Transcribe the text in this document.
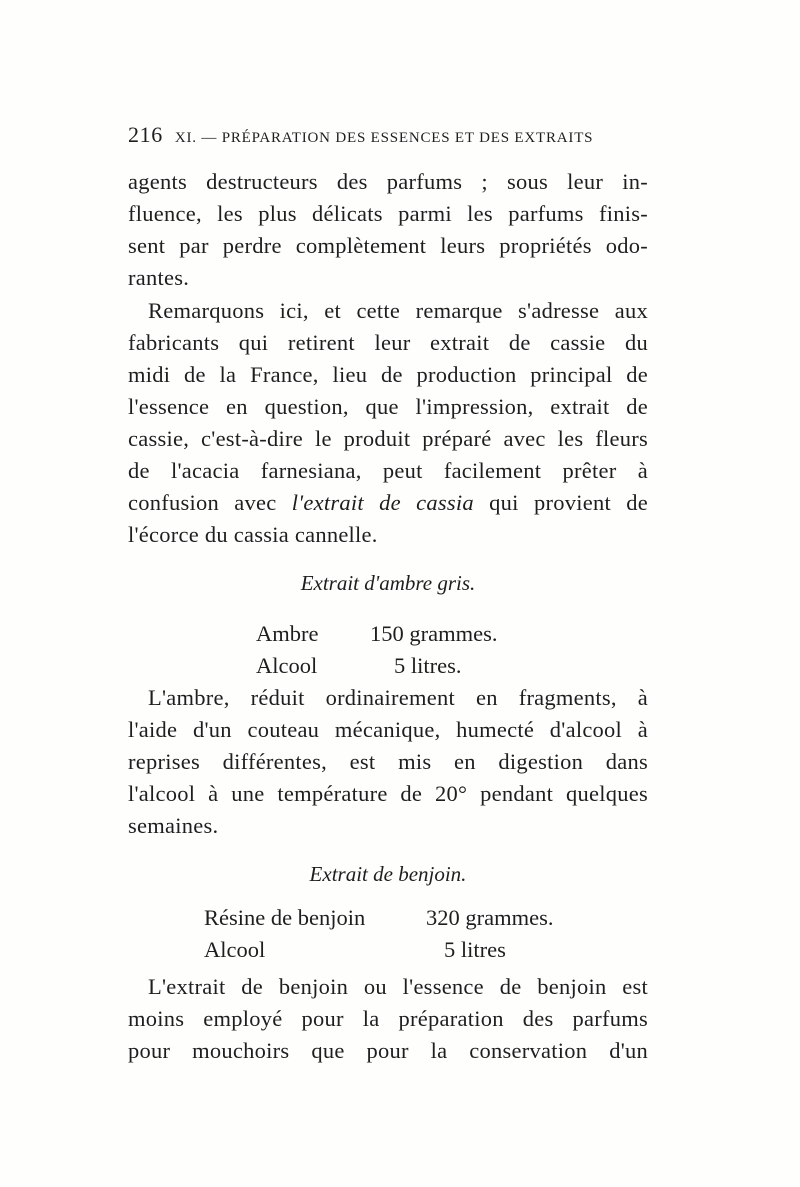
216 XI. — PRÉPARATION DES ESSENCES ET DES EXTRAITS
agents destructeurs des parfums ; sous leur in-
fluence, les plus délicats parmi les parfums finis-
sent par perdre complètement leurs propriétés odo-
rantes.
Remarquons ici, et cette remarque s'adresse aux
fabricants qui retirent leur extrait de cassie du
midi de la France, lieu de production principal de
l'essence en question, que l'impression, extrait de
cassie, c'est-à-dire le produit préparé avec les fleurs
de l'acacia farnesiana, peut facilement prêter à
confusion avec l'extrait de cassia qui provient de
l'écorce du cassia cannelle.
Extrait d'ambre gris.
Ambre 150 grammes.
Alcool	5 litres.
L'ambre, réduit ordinairement en fragments, à
l'aide d'un couteau mécanique, humecté d'alcool à
reprises différentes, est mis en digestion dans
l'alcool à une température de 20° pendant quelques
semaines.
Extrait de benjoin.
Résine de benjoin	320 grammes.
Alcool	5 litres
L'extrait de benjoin ou l'essence de benjoin est
moins employé pour la préparation des parfums
pour mouchoirs que pour la conservation d'un
